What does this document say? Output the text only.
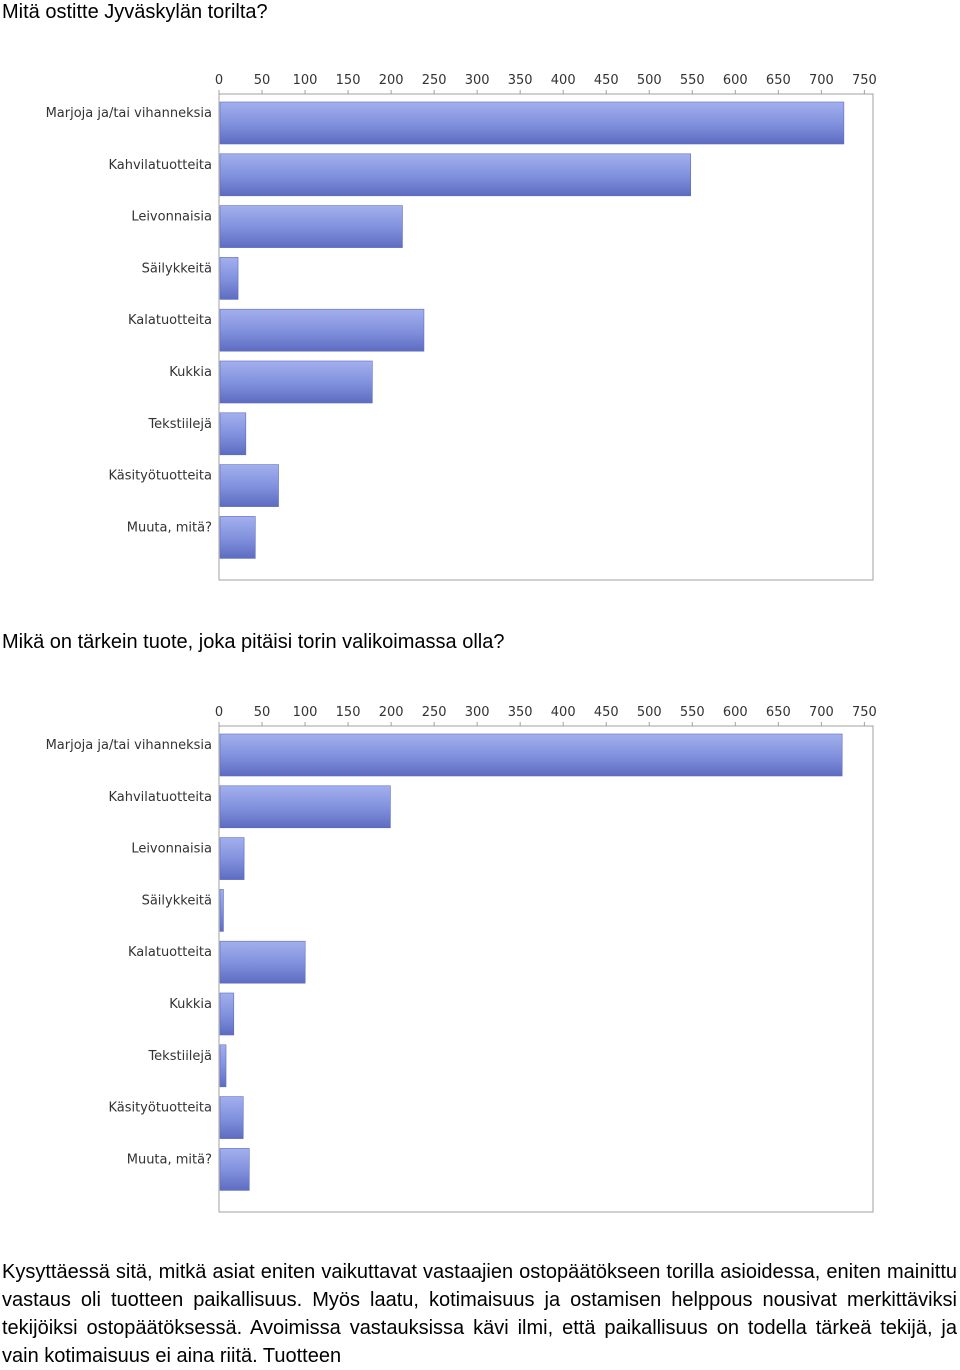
Mitä ostitte Jyväskylän torilta?
0 50 100 150 200 250 300 350 400 450 500 550 600 650 700 750
Marjoja ja/tai vihanneksia
Kahvilatuotteita
Leivonnaisia
Säilykkeitä
Kalatuotteita
Kukkia
Tekstiilejä
Käsityötuotteita
Muuta, mitä?
Mikä on tärkein tuote, joka pitäisi torin valikoimassa olla?
0 50 100 150 200 250 300 350 400 450 500 550 600 650 700 750
Marjoja ja/tai vihanneksia
Kahvilatuotteita
Leivonnaisia
Säilykkeitä
Kalatuotteita
Kukkia
Tekstiilejä
Käsityötuotteita
Muuta, mitä?

Kysyttäessä sitä, mitkä asiat eniten vaikuttavat vastaajien ostopäätökseen torilla asioidessa, eniten mainittu vastaus oli tuotteen paikallisuus. Myös laatu, kotimaisuus ja ostamisen helppous nousivat merkittäviksi tekijöiksi ostopäätöksessä. Avoimissa vastauksissa kävi ilmi, että paikallisuus on todella tärkeä tekijä, ja vain kotimaisuus ei aina riitä. Tuotteen
